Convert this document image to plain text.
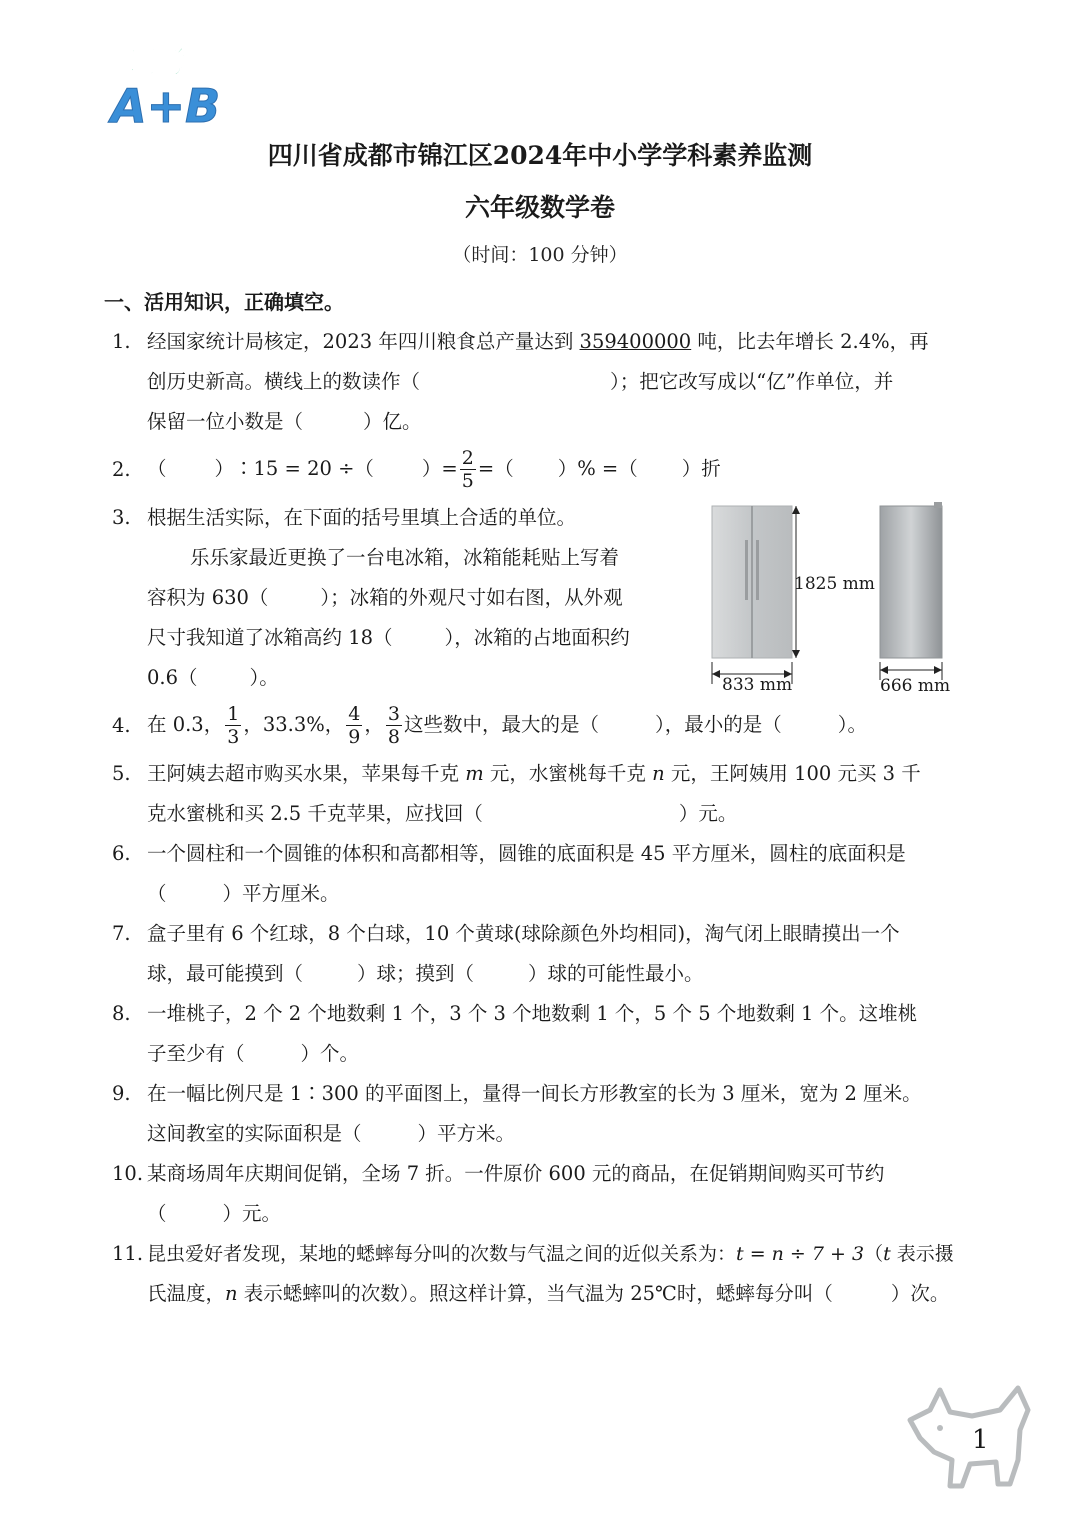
调考
A+B
四川省成都市锦江区2024年中小学学科素养监测
六年级数学卷
（时间：100 分钟）
一、活用知识，正确填空。
1. 经国家统计局核定，2023 年四川粮食总产量达到 359400000 吨，比去年增长 2.4%，再
创历史新高。横线上的数读作（	）；把它改写成以“亿”作单位，并
保留一位小数是（	）亿。
2. （ ）∶15 = 20 ÷（ ）= $\frac{2}{5}$ =（ ）% =（ ）折
3. 根据生活实际，在下面的括号里填上合适的单位。
乐乐家最近更换了一台电冰箱，冰箱能耗贴上写着
容积为 630（	）；冰箱的外观尺寸如右图，从外观
尺寸我知道了冰箱高约 18（	），冰箱的占地面积约
0.6（	）。
1825 mm
833 mm	666 mm
4. 在 0.3， $\frac{1}{3}$ ，33.3%， $\frac{4}{9}$ ， $\frac{3}{8}$ 这些数中，最大的是（	），最小的是（	）。
5. 王阿姨去超市购买水果，苹果每千克 m 元，水蜜桃每千克 n 元，王阿姨用 100 元买 3 千
克水蜜桃和买 2.5 千克苹果，应找回（	）元。
6. 一个圆柱和一个圆锥的体积和高都相等，圆锥的底面积是 45 平方厘米，圆柱的底面积是
（	）平方厘米。
7. 盒子里有 6 个红球，8 个白球，10 个黄球(球除颜色外均相同)，淘气闭上眼睛摸出一个
球，最可能摸到（	）球；摸到（	）球的可能性最小。
8. 一堆桃子，2 个 2 个地数剩 1 个，3 个 3 个地数剩 1 个，5 个 5 个地数剩 1 个。这堆桃
子至少有（	）个。
9. 在一幅比例尺是 1∶300 的平面图上，量得一间长方形教室的长为 3 厘米，宽为 2 厘米。
这间教室的实际面积是（	）平方米。
10. 某商场周年庆期间促销，全场 7 折。一件原价 600 元的商品，在促销期间购买可节约
（	）元。
11. 昆虫爱好者发现，某地的蟋蟀每分叫的次数与气温之间的近似关系为：t = n ÷ 7 + 3（t 表示摄
氏温度，n 表示蟋蟀叫的次数）。照这样计算，当气温为 25℃时，蟋蟀每分叫（	）次。
1
